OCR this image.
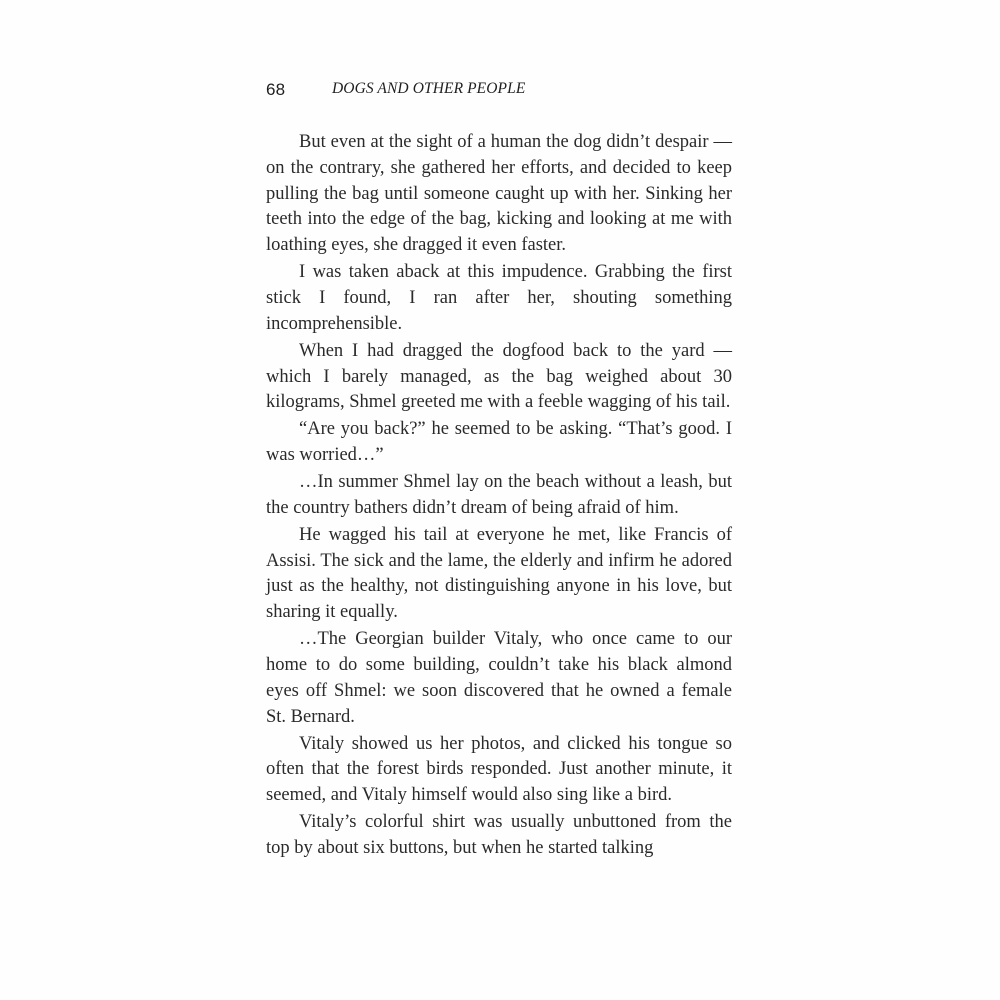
68	DOGS AND OTHER PEOPLE

But even at the sight of a human the dog didn’t despair — on the contrary, she gathered her efforts, and decided to keep pulling the bag until someone caught up with her. Sinking her teeth into the edge of the bag, kicking and looking at me with loathing eyes, she dragged it even faster.

I was taken aback at this impudence. Grabbing the first stick I found, I ran after her, shouting something incomprehensible.

When I had dragged the dogfood back to the yard — which I barely managed, as the bag weighed about 30 kilograms, Shmel greeted me with a feeble wagging of his tail.

“Are you back?” he seemed to be asking. “That’s good. I was worried…”

…In summer Shmel lay on the beach without a leash, but the country bathers didn’t dream of being afraid of him.

He wagged his tail at everyone he met, like Francis of Assisi. The sick and the lame, the elderly and infirm he adored just as the healthy, not distinguishing anyone in his love, but sharing it equally.

…The Georgian builder Vitaly, who once came to our home to do some building, couldn’t take his black almond eyes off Shmel: we soon discovered that he owned a female St. Bernard.

Vitaly showed us her photos, and clicked his tongue so often that the forest birds responded. Just another minute, it seemed, and Vitaly himself would also sing like a bird.

Vitaly’s colorful shirt was usually unbuttoned from the top by about six buttons, but when he started talking
